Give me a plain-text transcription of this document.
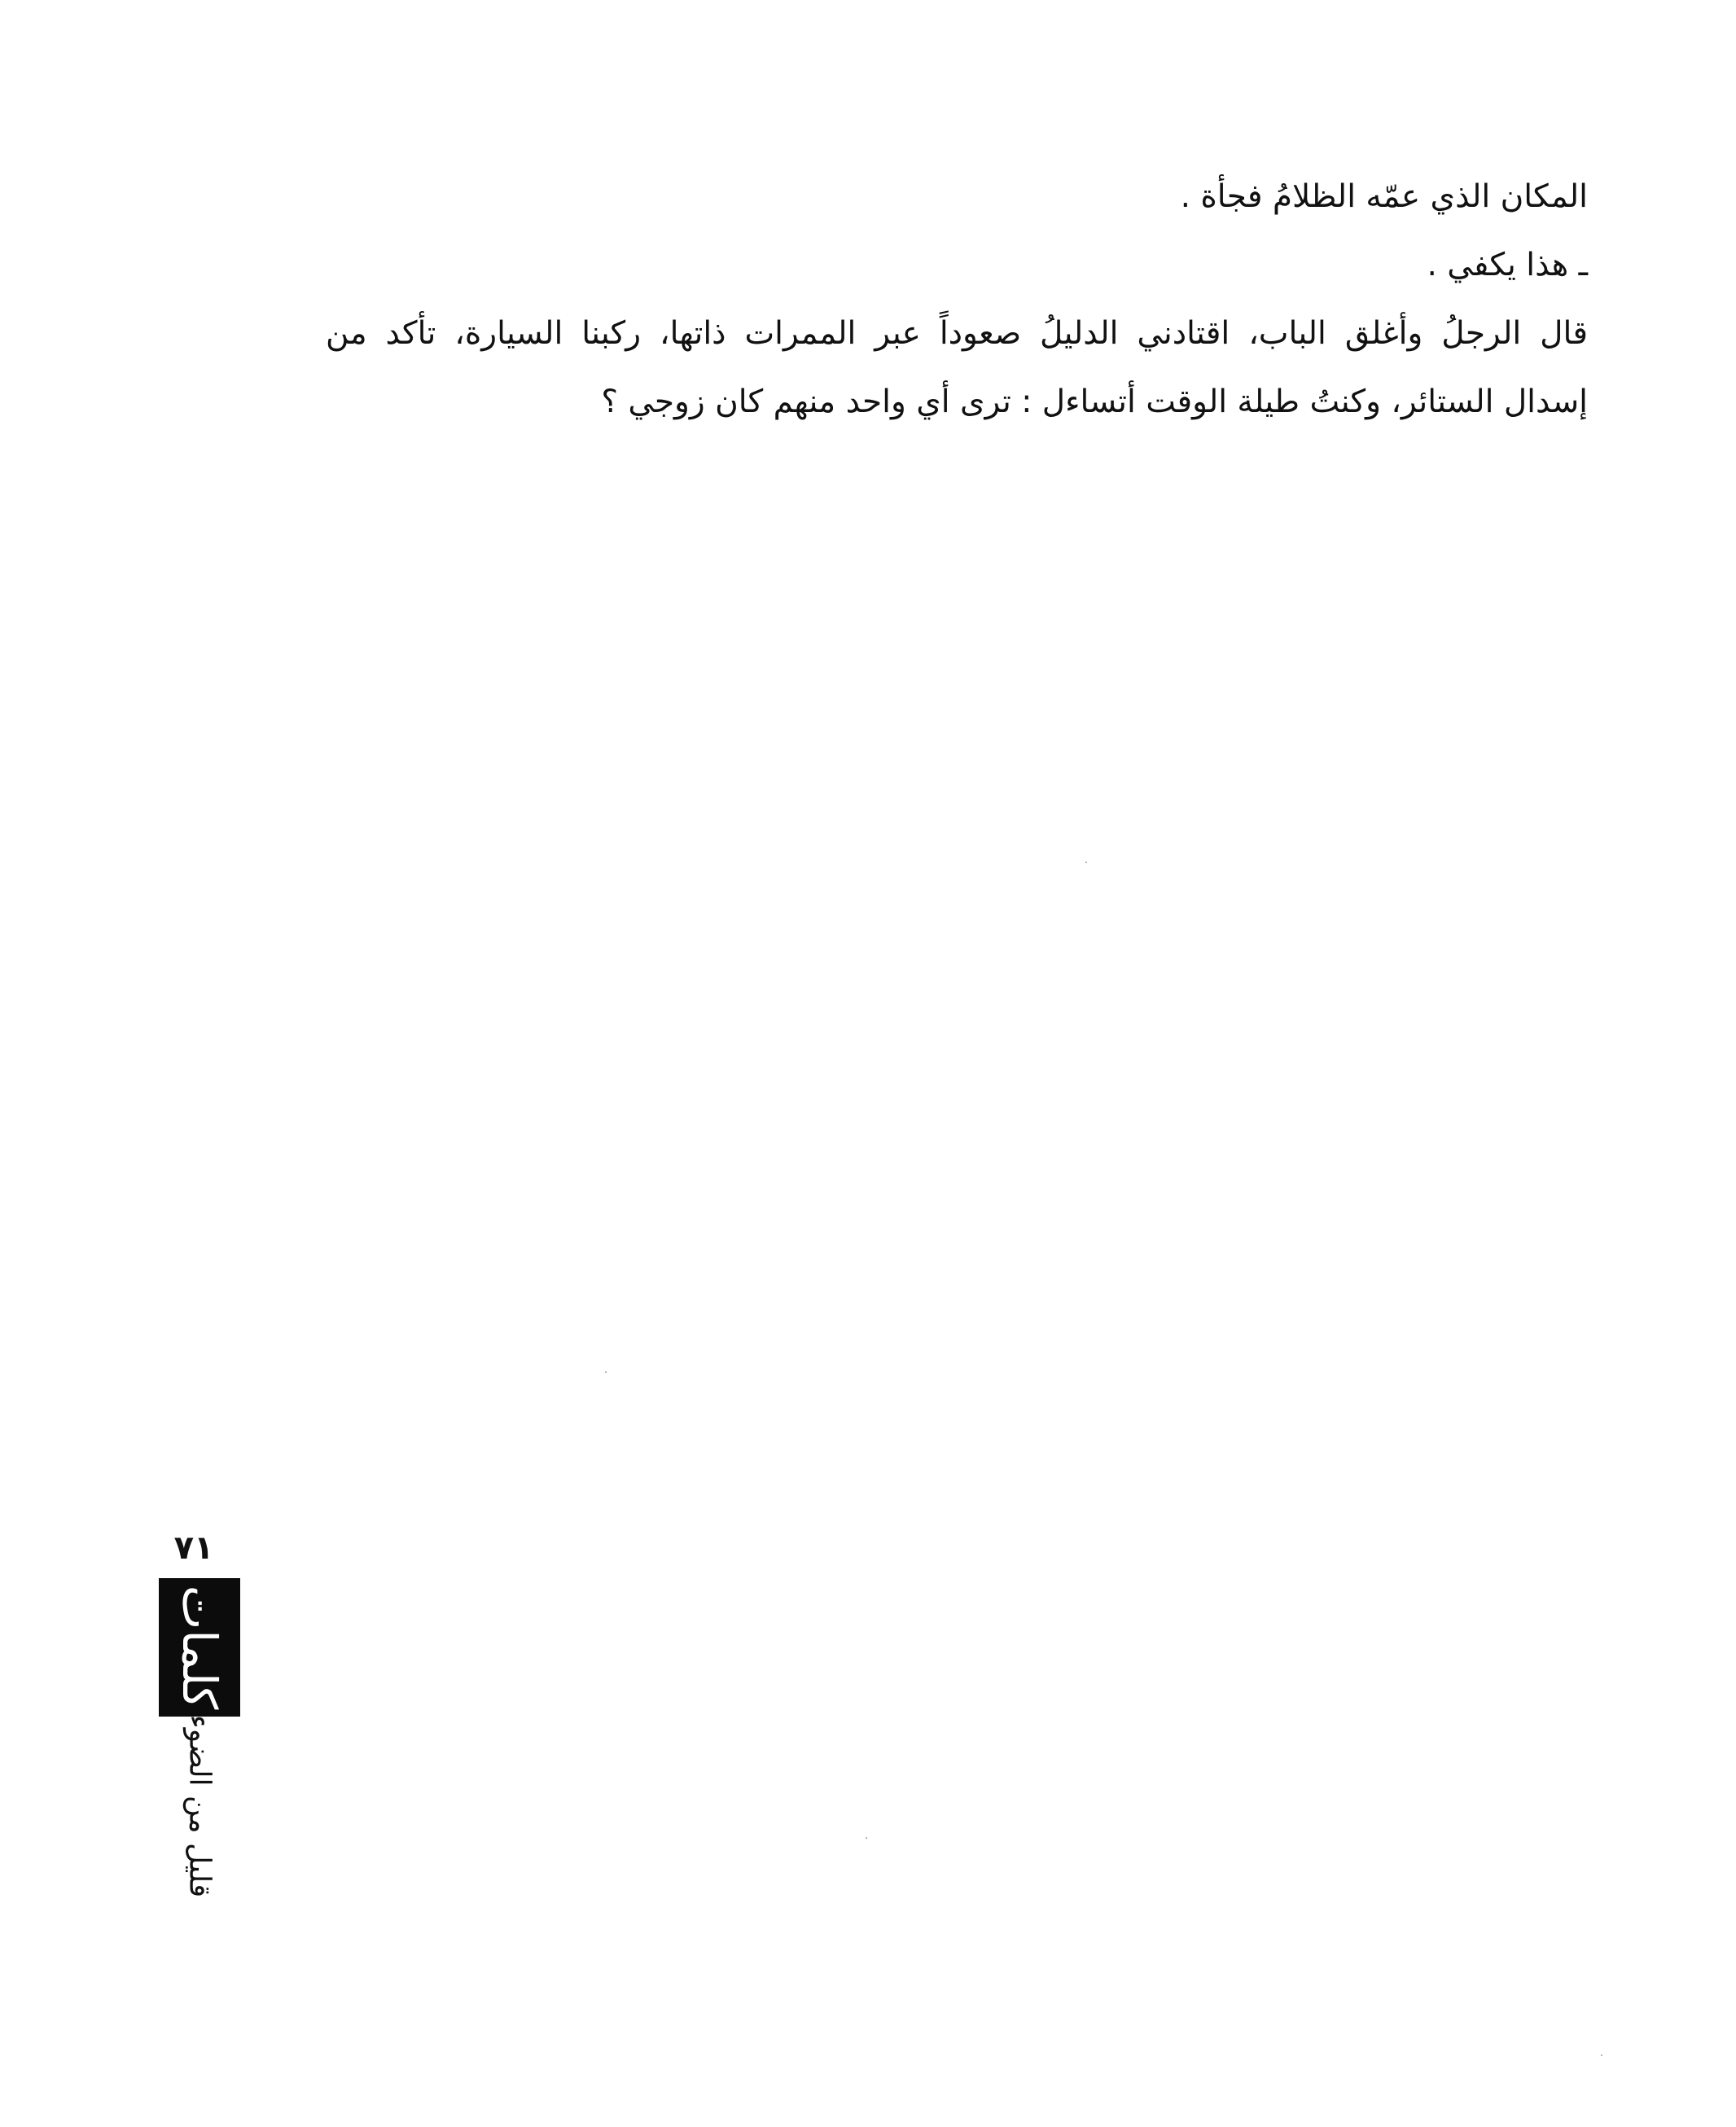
المكان الذي عمّه الظلامُ فجأة .

ـ هذا يكفي .

قال الرجلُ وأغلق الباب، اقتادني الدليلُ صعوداً عبر الممرات ذاتها، ركبنا السيارة، تأكد من

إسدال الستائر، وكنتُ طيلة الوقت أتساءل : ترى أي واحد منهم كان زوجي ؟

٧١
كلمات
قليل من الضوء
